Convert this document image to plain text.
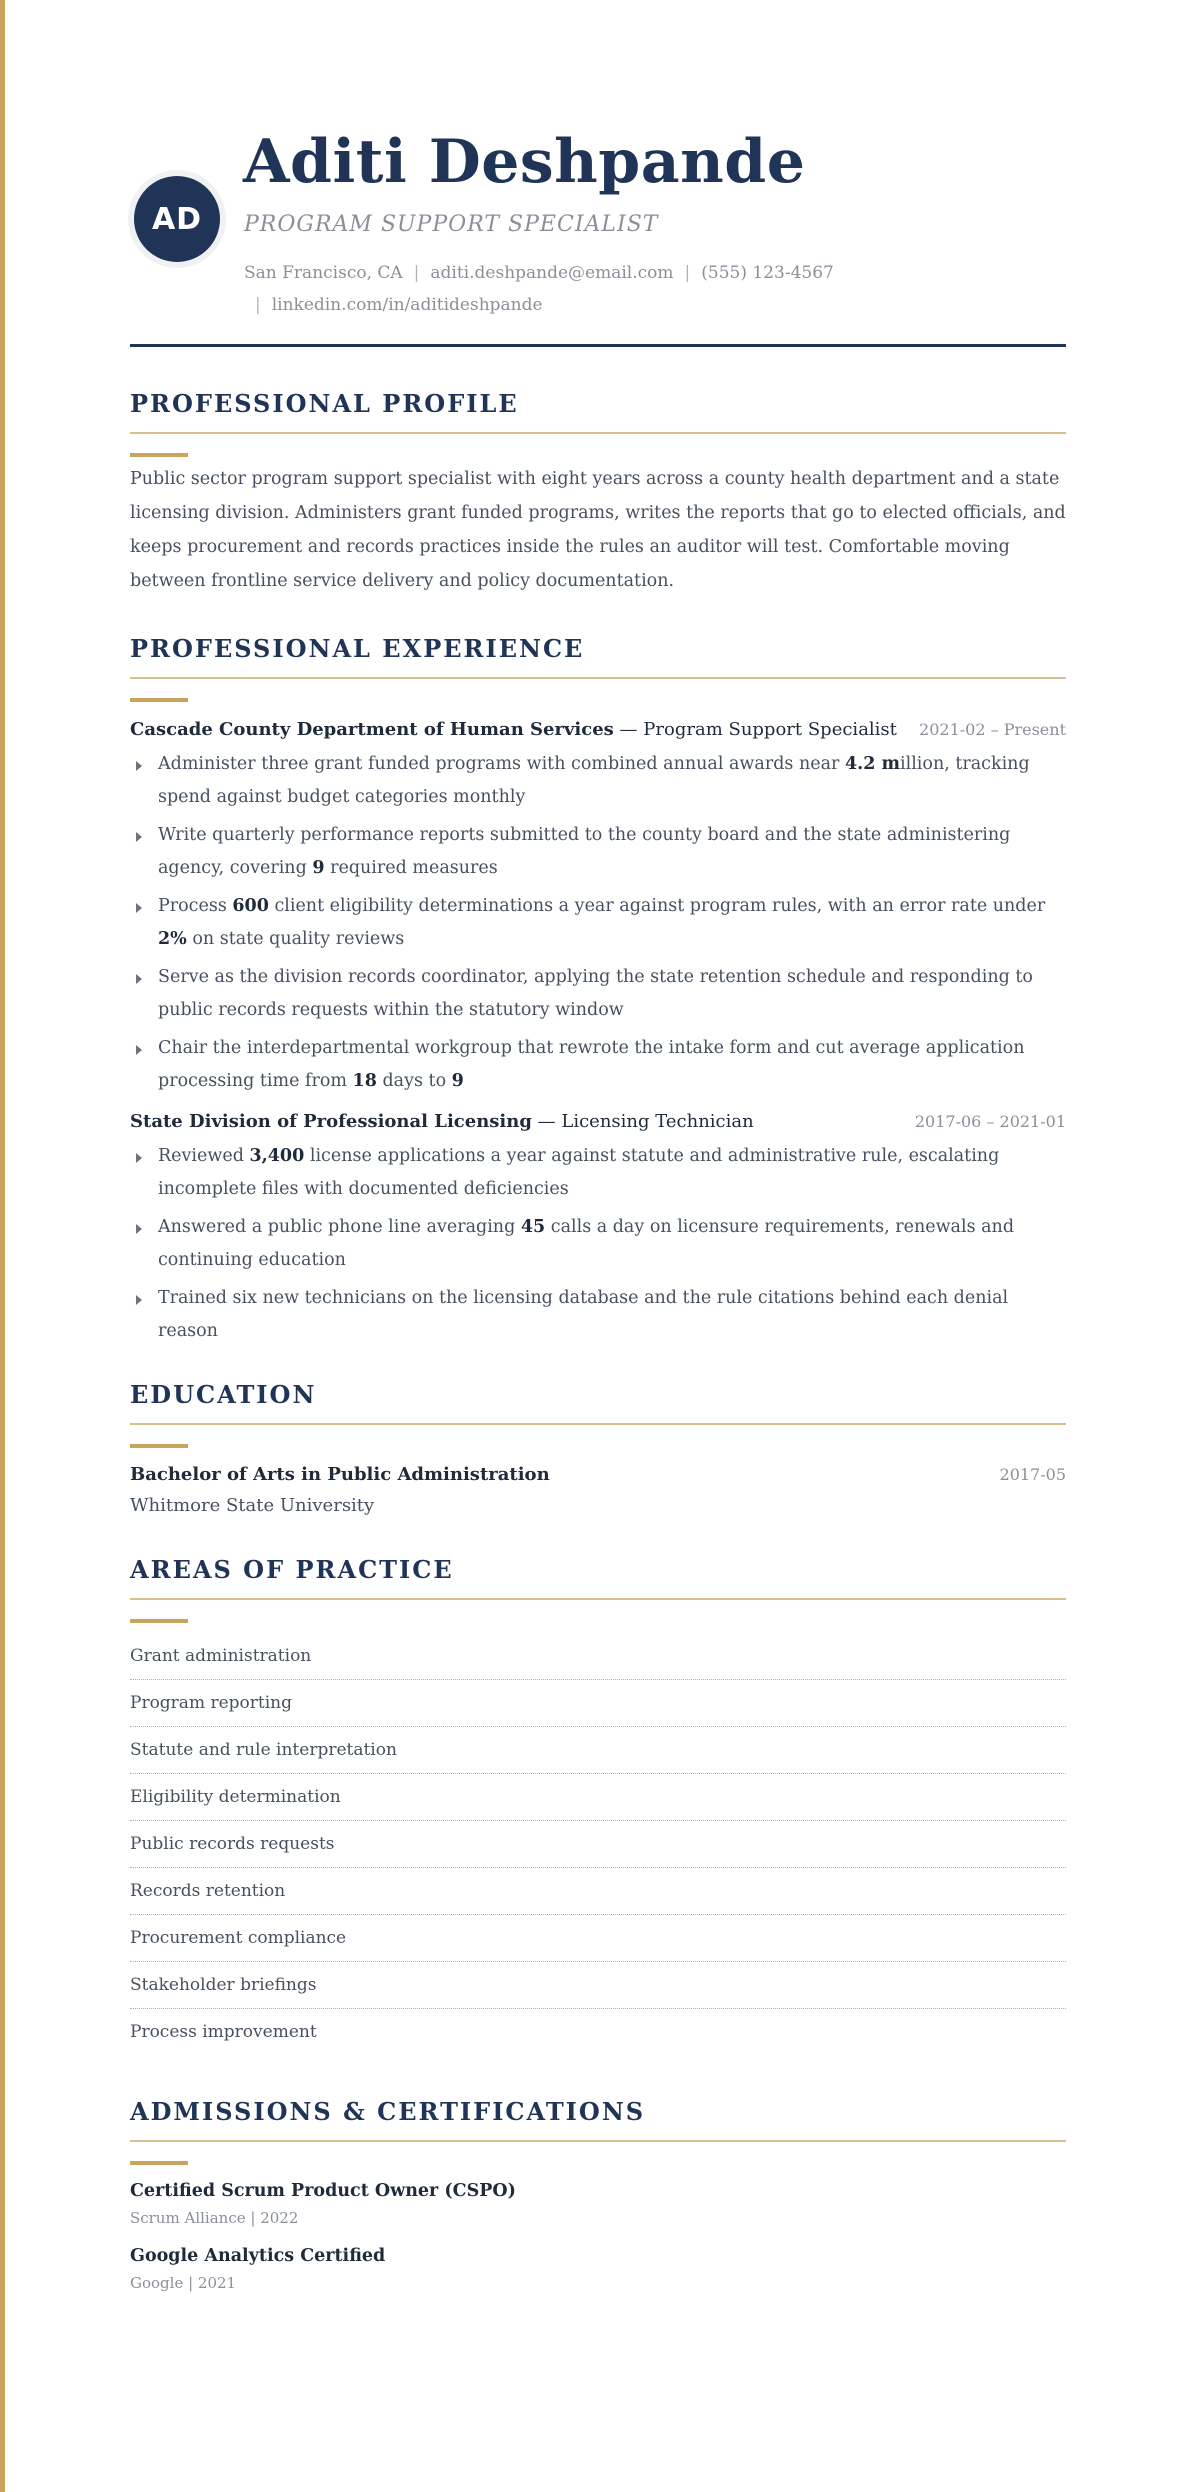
AD
Aditi Deshpande
PROGRAM SUPPORT SPECIALIST
San Francisco, CA | aditi.deshpande@email.com | (555) 123-4567
| linkedin.com/in/aditideshpande
PROFESSIONAL PROFILE

Public sector program support specialist with eight years across a county health department and a state licensing division. Administers grant funded programs, writes the reports that go to elected officials, and keeps procurement and records practices inside the rules an auditor will test. Comfortable moving between frontline service delivery and policy documentation.

PROFESSIONAL EXPERIENCE
Cascade County Department of Human Services — Program Support Specialist 2021-02 – Present
Administer three grant funded programs with combined annual awards near 4.2 million, tracking spend against budget categories monthly
Write quarterly performance reports submitted to the county board and the state administering agency, covering 9 required measures
Process 600 client eligibility determinations a year against program rules, with an error rate under 2% on state quality reviews
Serve as the division records coordinator, applying the state retention schedule and responding to public records requests within the statutory window
Chair the interdepartmental workgroup that rewrote the intake form and cut average application processing time from 18 days to 9
State Division of Professional Licensing — Licensing Technician	2017-06 – 2021-01
Reviewed 3,400 license applications a year against statute and administrative rule, escalating incomplete files with documented deficiencies
Answered a public phone line averaging 45 calls a day on licensure requirements, renewals and continuing education
Trained six new technicians on the licensing database and the rule citations behind each denial reason
EDUCATION
Bachelor of Arts in Public Administration	2017-05
Whitmore State University
AREAS OF PRACTICE
Grant administration
Program reporting
Statute and rule interpretation
Eligibility determination
Public records requests
Records retention
Procurement compliance
Stakeholder briefings
Process improvement
ADMISSIONS & CERTIFICATIONS
Certified Scrum Product Owner (CSPO)
Scrum Alliance | 2022
Google Analytics Certified
Google | 2021
